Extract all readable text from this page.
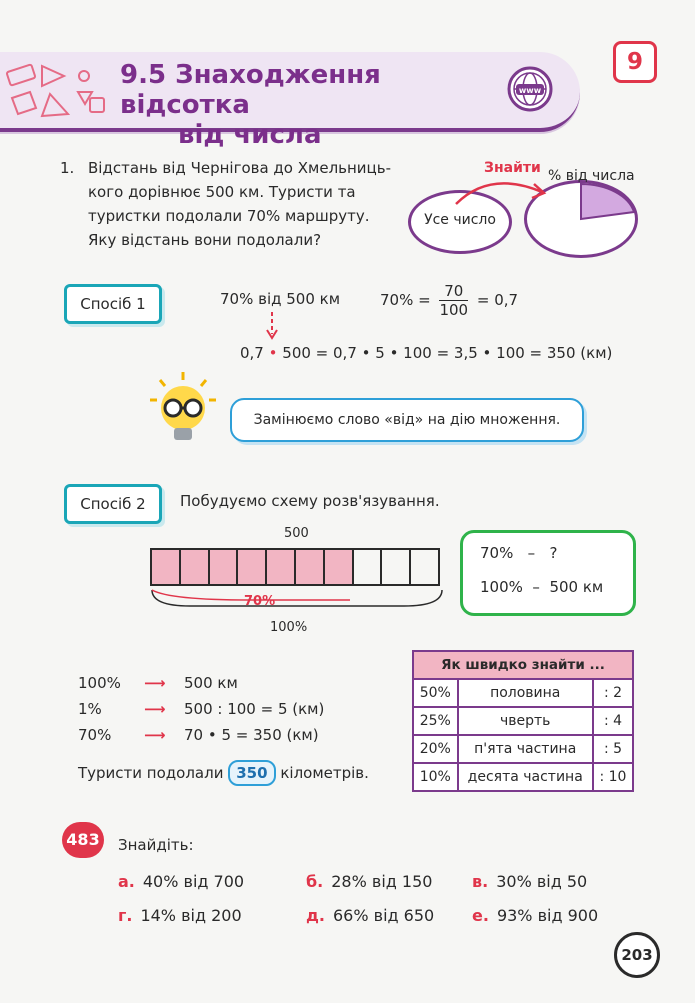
9.5 Знаходження відсотка
від числа
www
9
1. Відстань від Чернігова до Хмельниць-
кого дорівнює 500 км. Туристи та
туристки подолали 70% маршруту.
Яку відстань вони подолали?
Усе число
Знайти % від числа
Спосіб 1	70% від 500 км	$70\% = \frac{70}{100} = 0,7$
0,7 • 500 = 0,7 • 5 • 100 = 3,5 • 100 = 350 (км)
Замінюємо слово «від» на дію множення.
Спосіб 2	Побудуємо схему розв'язування.
500
70%
100%
70%   –   ?
100%  –  500 км
100% ⟶ 500 км
1%	⟶ 500 : 100 = 5 (км)
70% ⟶ 70 • 5 = 350 (км)
Туристи подолали 350 кілометрів.
Як швидко знайти ...		
50%	половина	: 2
25%	чверть	: 4
20%	п'ята частина	: 5
10%	десята частина	: 10
483 Знайдіть:
а. 40% від 700	б. 28% від 150 в. 30% від 50
г. 14% від 200	д. 66% від 650 е. 93% від 900
203
